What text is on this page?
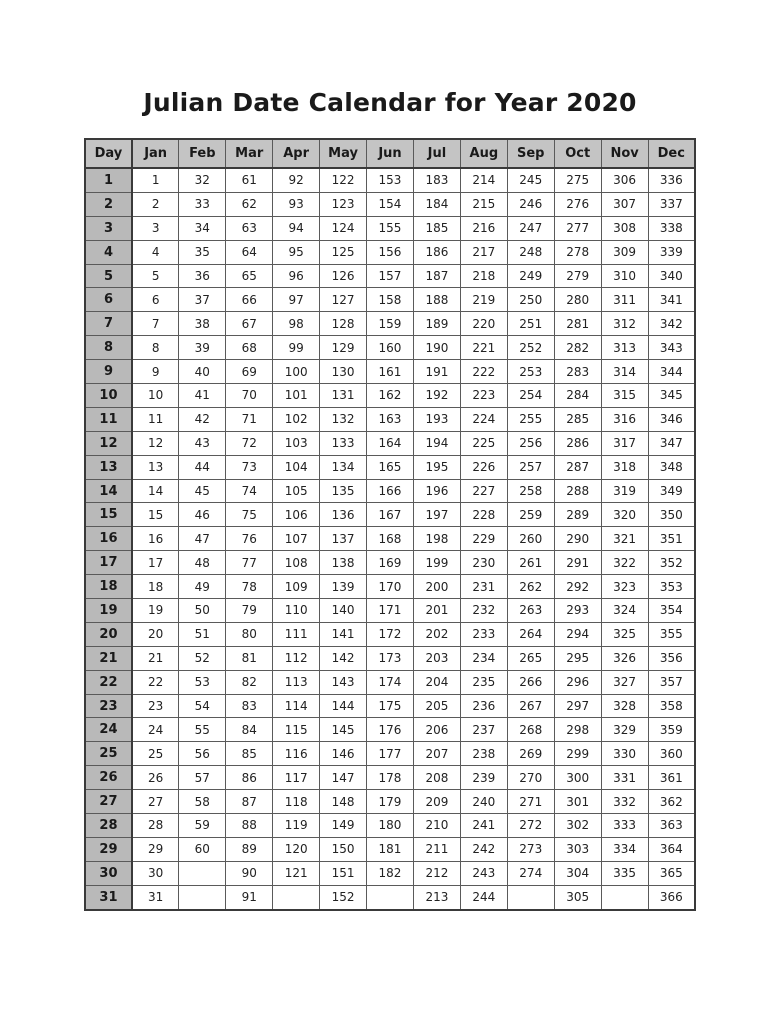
Julian Date Calendar for Year 2020
Day	Jan	Feb	Mar	Apr	May	Jun	Jul	Aug	Sep	Oct	Nov	Dec
1	1	32	61	92	122	153	183	214	245	275	306	336
2	2	33	62	93	123	154	184	215	246	276	307	337
3	3	34	63	94	124	155	185	216	247	277	308	338
4	4	35	64	95	125	156	186	217	248	278	309	339
5	5	36	65	96	126	157	187	218	249	279	310	340
6	6	37	66	97	127	158	188	219	250	280	311	341
7	7	38	67	98	128	159	189	220	251	281	312	342
8	8	39	68	99	129	160	190	221	252	282	313	343
9	9	40	69	100	130	161	191	222	253	283	314	344
10	10	41	70	101	131	162	192	223	254	284	315	345
11	11	42	71	102	132	163	193	224	255	285	316	346
12	12	43	72	103	133	164	194	225	256	286	317	347
13	13	44	73	104	134	165	195	226	257	287	318	348
14	14	45	74	105	135	166	196	227	258	288	319	349
15	15	46	75	106	136	167	197	228	259	289	320	350
16	16	47	76	107	137	168	198	229	260	290	321	351
17	17	48	77	108	138	169	199	230	261	291	322	352
18	18	49	78	109	139	170	200	231	262	292	323	353
19	19	50	79	110	140	171	201	232	263	293	324	354
20	20	51	80	111	141	172	202	233	264	294	325	355
21	21	52	81	112	142	173	203	234	265	295	326	356
22	22	53	82	113	143	174	204	235	266	296	327	357
23	23	54	83	114	144	175	205	236	267	297	328	358
24	24	55	84	115	145	176	206	237	268	298	329	359
25	25	56	85	116	146	177	207	238	269	299	330	360
26	26	57	86	117	147	178	208	239	270	300	331	361
27	27	58	87	118	148	179	209	240	271	301	332	362
28	28	59	88	119	149	180	210	241	272	302	333	363
29	29	60	89	120	150	181	211	242	273	303	334	364
30	30		90	121	151	182	212	243	274	304	335	365
31	31		91		152		213	244		305		366
